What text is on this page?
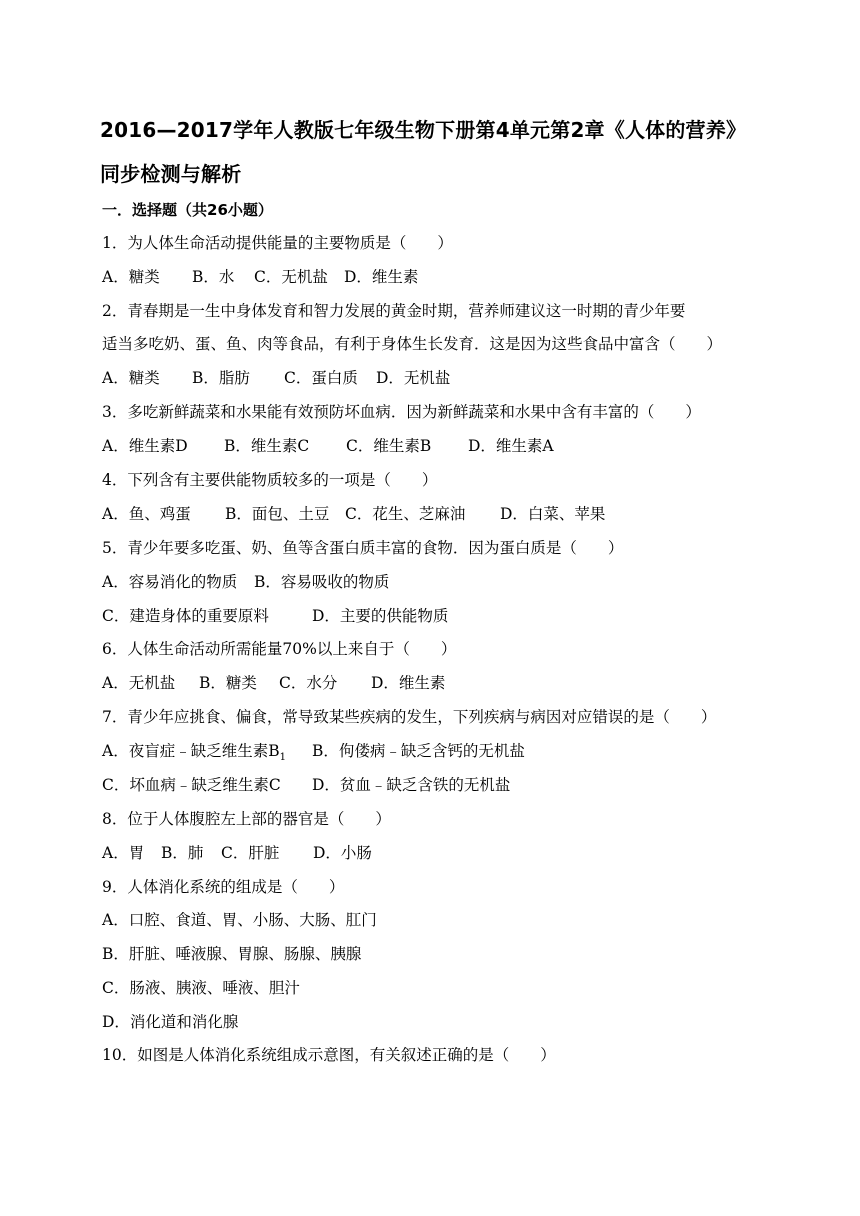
2016—2017学年人教版七年级生物下册第4单元第2章《人体的营养》
同步检测与解析
一．选择题（共26小题）
1．为人体生命活动提供能量的主要物质是（　　）
A．糖类 B．水 C．无机盐 D．维生素
2．青春期是一生中身体发育和智力发展的黄金时期，营养师建议这一时期的青少年要
适当多吃奶、蛋、鱼、肉等食品，有利于身体生长发育．这是因为这些食品中富含（　　）
A．糖类 B．脂肪 C．蛋白质 D．无机盐
3．多吃新鲜蔬菜和水果能有效预防坏血病．因为新鲜蔬菜和水果中含有丰富的（　　）
A．维生素D B．维生素C C．维生素B D．维生素A
4．下列含有主要供能物质较多的一项是（　　）
A．鱼、鸡蛋 B．面包、土豆 C．花生、芝麻油 D．白菜、苹果
5．青少年要多吃蛋、奶、鱼等含蛋白质丰富的食物．因为蛋白质是（　　）
A．容易消化的物质 B．容易吸收的物质
C．建造身体的重要原料	D．主要的供能物质
6．人体生命活动所需能量70%以上来自于（　　）
A．无机盐 B．糖类 C．水分 D．维生素
7．青少年应挑食、偏食，常导致某些疾病的发生，下列疾病与病因对应错误的是（　　）
A．夜盲症﹣缺乏维生素$B_1$ B．佝偻病﹣缺乏含钙的无机盐
C．坏血病﹣缺乏维生素C D．贫血﹣缺乏含铁的无机盐
8．位于人体腹腔左上部的器官是（　　）
A．胃 B．肺 C．肝脏 D．小肠
9．人体消化系统的组成是（　　）
A．口腔、食道、胃、小肠、大肠、肛门
B．肝脏、唾液腺、胃腺、肠腺、胰腺
C．肠液、胰液、唾液、胆汁
D．消化道和消化腺
10．如图是人体消化系统组成示意图，有关叙述正确的是（　　）
